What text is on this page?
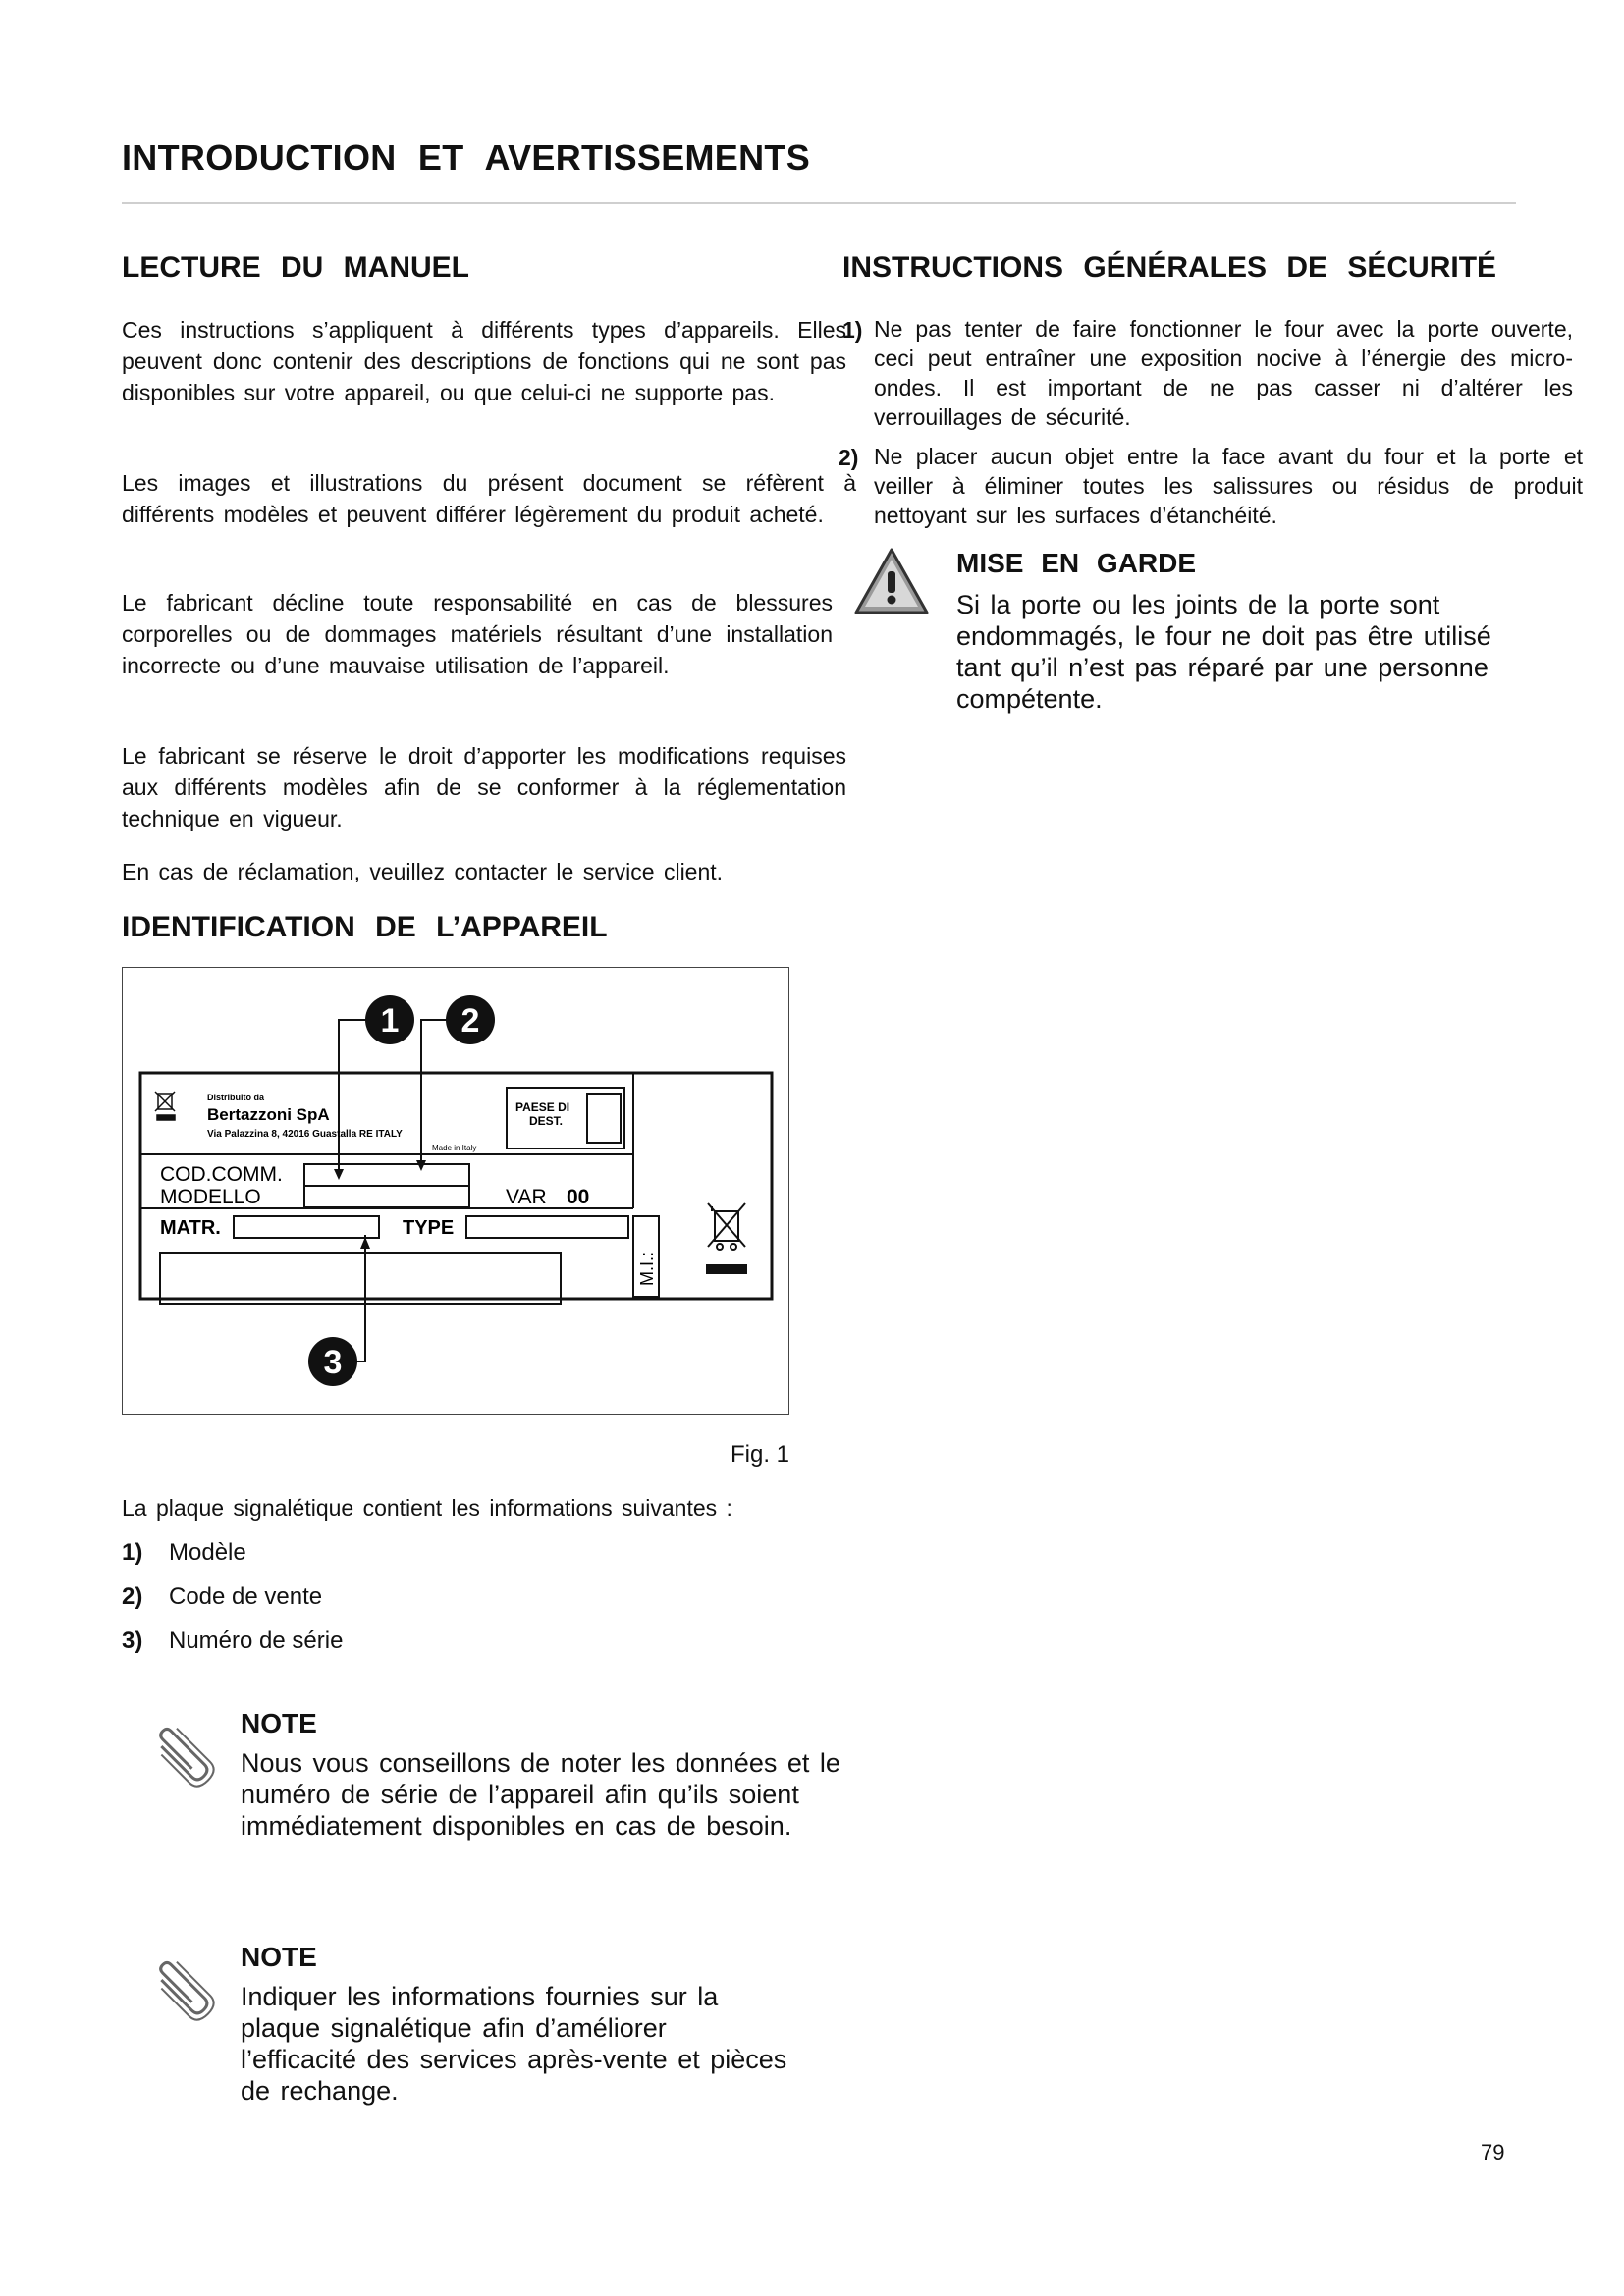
INTRODUCTION ET AVERTISSEMENTS
LECTURE DU MANUEL
Ces instructions s’appliquent à différents types d’appareils. Elles peuvent donc contenir des descriptions de fonctions qui ne sont pas disponibles sur votre appareil, ou que celui-ci ne supporte pas.
Les images et illustrations du présent document se réfèrent à différents modèles et peuvent différer légèrement du produit acheté.
Le fabricant décline toute responsabilité en cas de blessures corporelles ou de dommages matériels résultant d’une installation incorrecte ou d’une mauvaise utilisation de l’appareil.
Le fabricant se réserve le droit d’apporter les modifications requises aux différents modèles afin de se conformer à la réglementation technique en vigueur.
En cas de réclamation, veuillez contacter le service client.
IDENTIFICATION DE L’APPAREIL
1 2
3
Distribuito da
Bertazzoni SpA
Via Palazzina 8, 42016 Guastalla RE ITALY
Made in Italy
PAESE DI
DEST.
COD.COMM.
MODELLO	VAR 00
MATR.	TYPE
M.I.:
Fig. 1
La plaque signalétique contient les informations suivantes :
1) Modèle
2) Code de vente
3) Numéro de série
NOTE
Nous vous conseillons de noter les données et le numéro de série de l’appareil afin qu’ils soient immédiatement disponibles en cas de besoin.
NOTE
Indiquer les informations fournies sur la plaque signalétique afin d’améliorer l’efficacité des services après-vente et pièces de rechange.
INSTRUCTIONS GÉNÉRALES DE SÉCURITÉ
1) Ne pas tenter de faire fonctionner le four avec la porte ouverte, ceci peut entraîner une exposition nocive à l’énergie des micro-ondes. Il est important de ne pas casser ni d’altérer les verrouillages de sécurité.
2) Ne placer aucun objet entre la face avant du four et la porte et veiller à éliminer toutes les salissures ou résidus de produit nettoyant sur les surfaces d’étanchéité.
MISE EN GARDE
Si la porte ou les joints de la porte sont endommagés, le four ne doit pas être utilisé tant qu’il n’est pas réparé par une personne compétente.
79
